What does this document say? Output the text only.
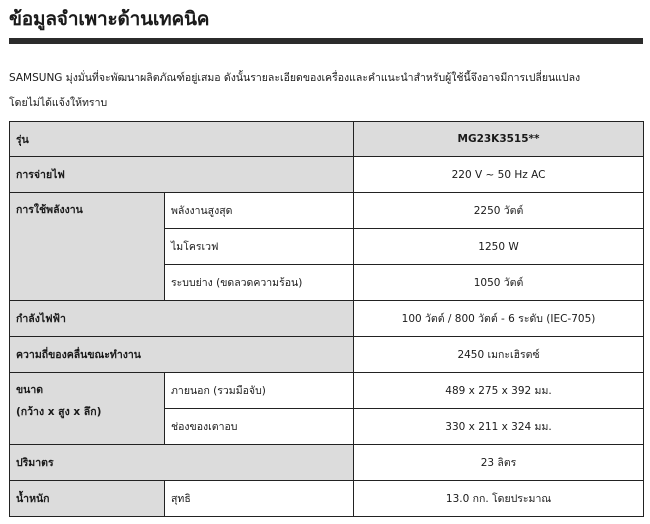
ข้อมูลจำเพาะด้านเทคนิค
SAMSUNG มุ่งมั่นที่จะพัฒนาผลิตภัณฑ์อยู่เสมอ ดังนั้นรายละเอียดของเครื่องและคำแนะนำสำหรับผู้ใช้นี้จึงอาจมีการเปลี่ยนแปลง
โดยไม่ได้แจ้งให้ทราบ
รุ่น		MG23K3515**
การจ่ายไฟ		220 V ~ 50 Hz AC
การใช้พลังงาน	พลังงานสูงสุด	2250 วัตต์
	ไมโครเวฟ	1250 W
	ระบบย่าง (ขดลวดความร้อน)	1050 วัตต์
กำลังไฟฟ้า		100 วัตต์ / 800 วัตต์ - 6 ระดับ (IEC-705)
ความถี่ของคลื่นขณะทำงาน		2450 เมกะเฮิรตซ์

ขนาด
(กว้าง x สูง x ลึก)	ภายนอก (รวมมือจับ)	489 x 275 x 392 มม.
	ช่องของเตาอบ	330 x 211 x 324 มม.
ปริมาตร		23 ลิตร
น้ำหนัก	สุทธิ	13.0 กก. โดยประมาณ
